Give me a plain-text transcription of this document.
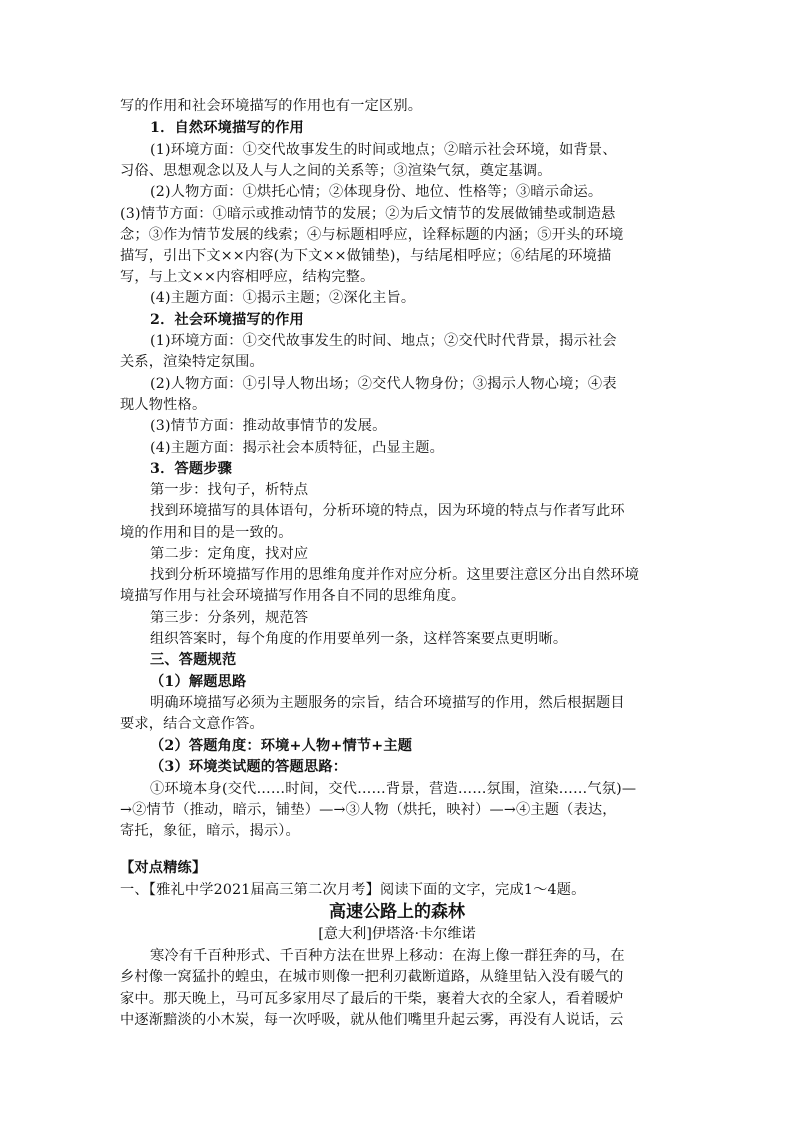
写的作用和社会环境描写的作用也有一定区别。
1．自然环境描写的作用
(1)环境方面：①交代故事发生的时间或地点；②暗示社会环境，如背景、
习俗、思想观念以及人与人之间的关系等；③渲染气氛，奠定基调。
(2)人物方面：①烘托心情；②体现身份、地位、性格等；③暗示命运。
(3)情节方面：①暗示或推动情节的发展；②为后文情节的发展做铺垫或制造悬
念；③作为情节发展的线索；④与标题相呼应，诠释标题的内涵；⑤开头的环境
描写，引出下文××内容(为下文××做铺垫)，与结尾相呼应；⑥结尾的环境描
写，与上文××内容相呼应，结构完整。
(4)主题方面：①揭示主题；②深化主旨。
2．社会环境描写的作用
(1)环境方面：①交代故事发生的时间、地点；②交代时代背景，揭示社会
关系，渲染特定氛围。
(2)人物方面：①引导人物出场；②交代人物身份；③揭示人物心境；④表
现人物性格。
(3)情节方面：推动故事情节的发展。
(4)主题方面：揭示社会本质特征，凸显主题。
3．答题步骤
第一步：找句子，析特点
找到环境描写的具体语句，分析环境的特点，因为环境的特点与作者写此环
境的作用和目的是一致的。
第二步：定角度，找对应
找到分析环境描写作用的思维角度并作对应分析。这里要注意区分出自然环境
境描写作用与社会环境描写作用各自不同的思维角度。
第三步：分条列，规范答
组织答案时，每个角度的作用要单列一条，这样答案要点更明晰。
三、答题规范
（1）解题思路
明确环境描写必须为主题服务的宗旨，结合环境描写的作用，然后根据题目
要求，结合文意作答。
（2）答题角度：环境+人物+情节+主题
（3）环境类试题的答题思路：
①环境本身(交代……时间，交代……背景，营造……氛围，渲染……气氛)—
→②情节（推动，暗示，铺垫）—→③人物（烘托，映衬）—→④主题（表达，
寄托，象征，暗示，揭示）。
【对点精练】
一、【雅礼中学2021届高三第二次月考】阅读下面的文字，完成1～4题。
高速公路上的森林
[意大利]伊塔洛·卡尔维诺
寒冷有千百种形式、千百种方法在世界上移动：在海上像一群狂奔的马，在
乡村像一窝猛扑的蝗虫，在城市则像一把利刃截断道路，从缝里钻入没有暖气的
家中。那天晚上，马可瓦多家用尽了最后的干柴，裹着大衣的全家人，看着暖炉
中逐渐黯淡的小木炭，每一次呼吸，就从他们嘴里升起云雾，再没有人说话，云
